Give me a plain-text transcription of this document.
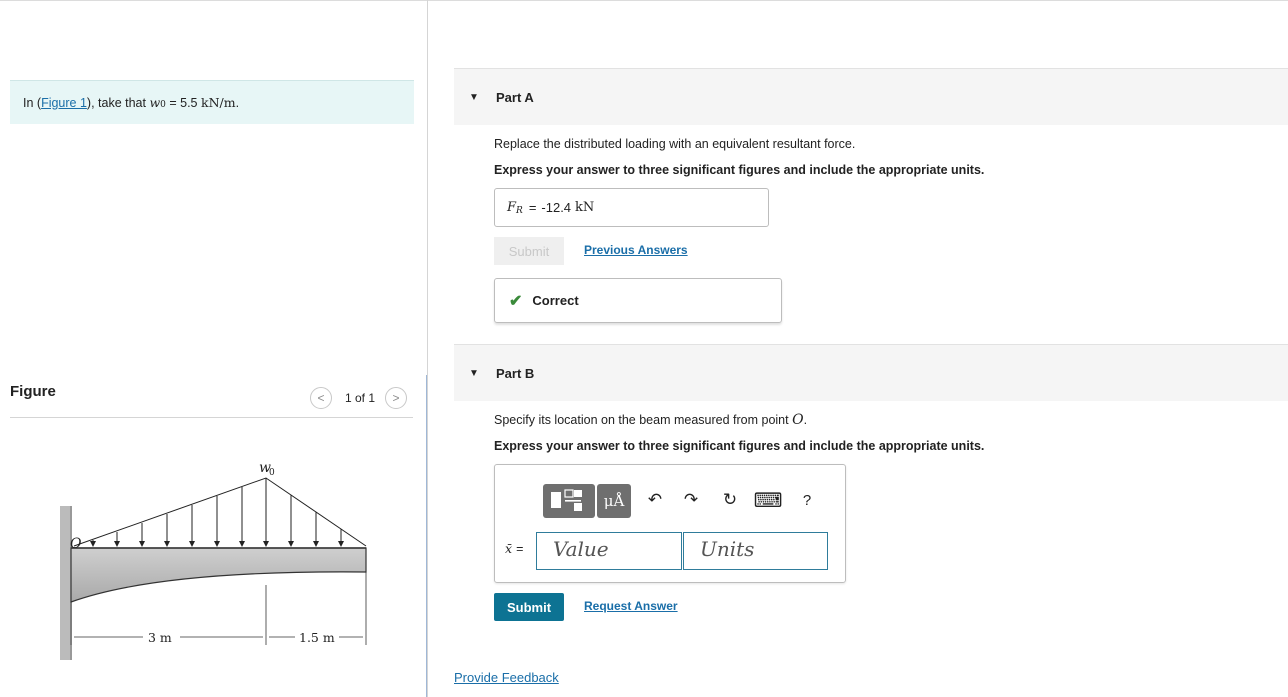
In (Figure 1), take that w0 = 5.5 kN/m.
Figure	<	1 of 1	>
O
w
0
3 m	1.5 m
▼ Part A
Replace the distributed loading with an equivalent resultant force.
Express your answer to three significant figures and include the appropriate units.
F R = -12.4 kN
Submit	Previous Answers
✔ Correct
▼ Part B
Specify its location on the beam measured from point O.
Express your answer to three significant figures and include the appropriate units.
μÅ	↶ ↷ ↻ ⌨	?
x̄ =	Value	Units
Submit	Request Answer
Provide Feedback
